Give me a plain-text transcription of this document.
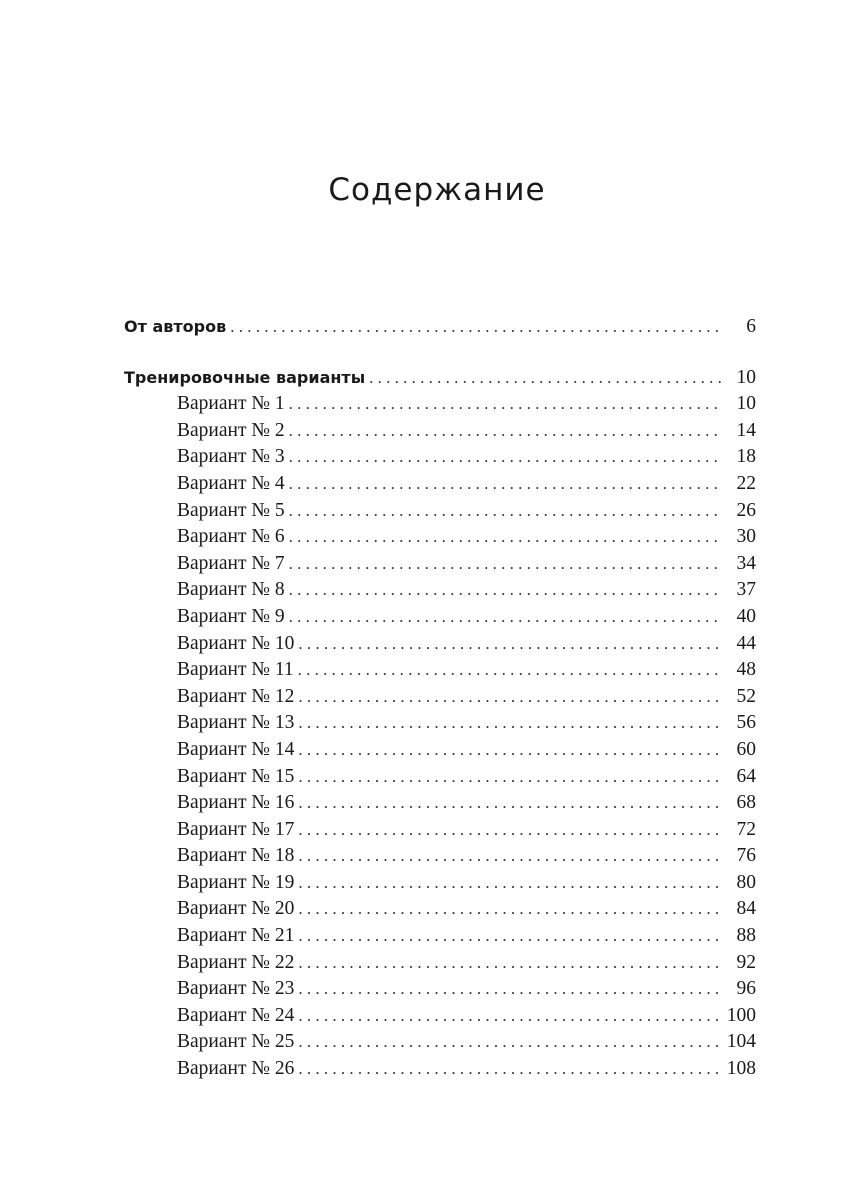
Содержание
От авторов . . .	6
Тренировочные варианты . . .	10
Вариант № 1 . . .	10
Вариант № 2 . . .	14
Вариант № 3 . . .	18
Вариант № 4 . . .	22
Вариант № 5 . . .	26
Вариант № 6 . . .	30
Вариант № 7 . . .	34
Вариант № 8 . . .	37
Вариант № 9 . . .	40
Вариант № 10 . . .	44
Вариант № 11 . . .	48
Вариант № 12 . . .	52
Вариант № 13 . . .	56
Вариант № 14 . . .	60
Вариант № 15 . . .	64
Вариант № 16 . . .	68
Вариант № 17 . . .	72
Вариант № 18 . . .	76
Вариант № 19 . . .	80
Вариант № 20 . . .	84
Вариант № 21 . . .	88
Вариант № 22 . . .	92
Вариант № 23 . . .	96
Вариант № 24 . . .	100
Вариант № 25 . . .	104
Вариант № 26 . . .	108
